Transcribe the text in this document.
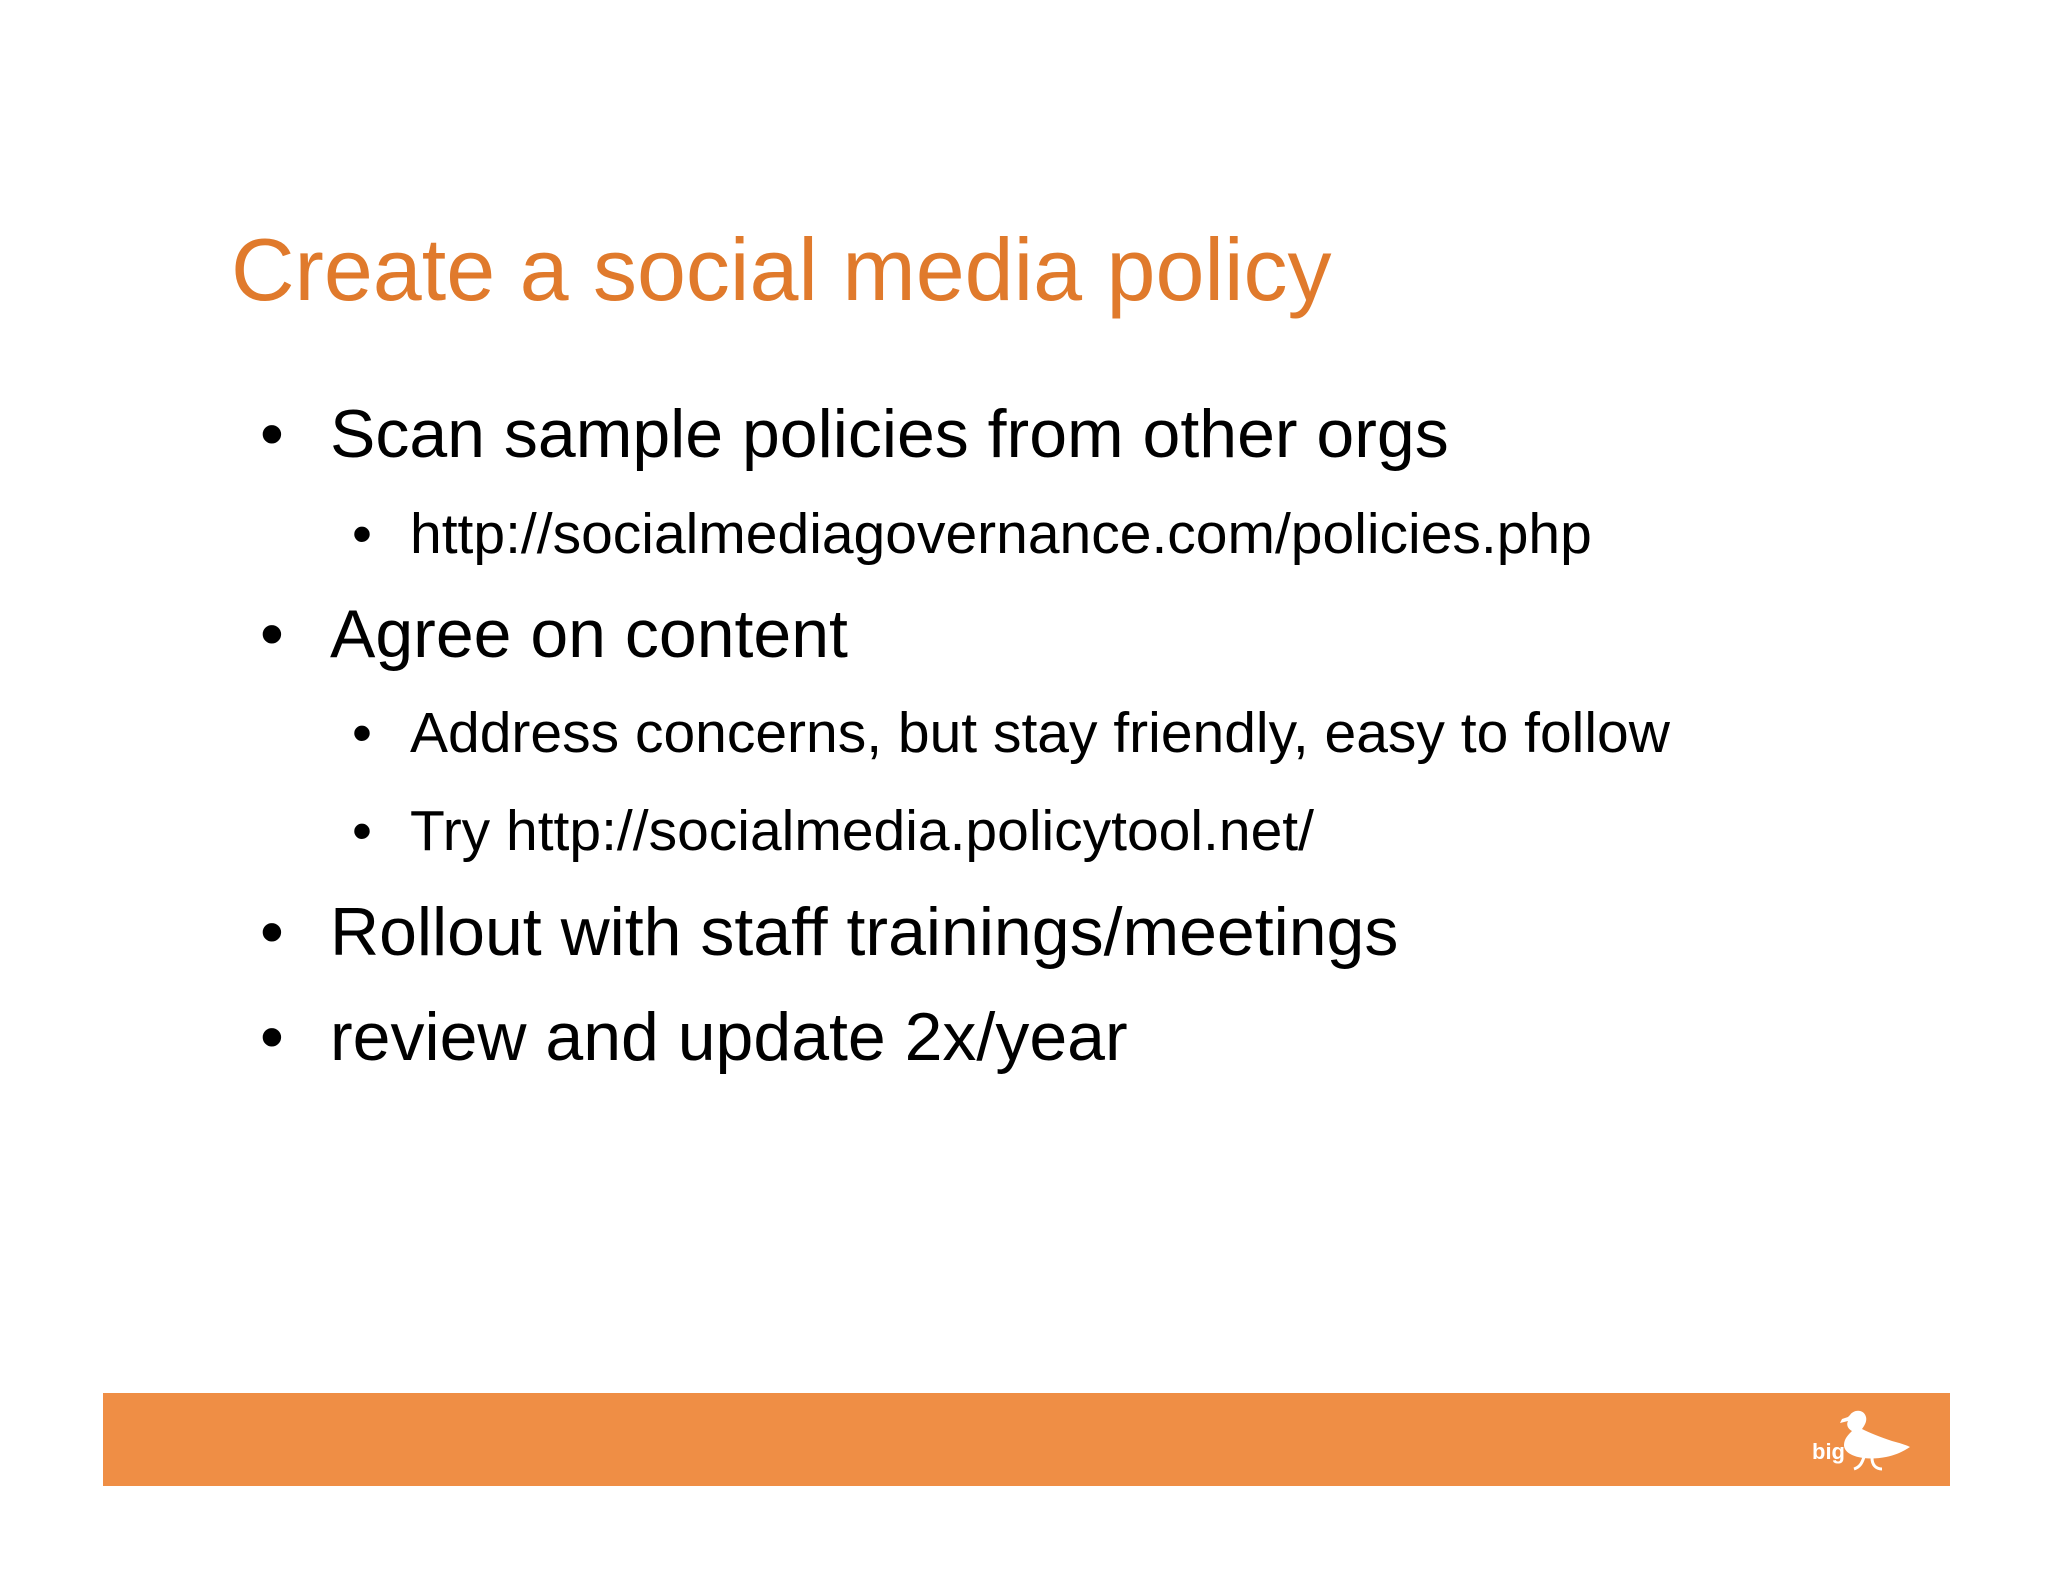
Create a social media policy
• Scan sample policies from other orgs
• http://socialmediagovernance.com/policies.php
• Agree on content
• Address concerns, but stay friendly, easy to follow
• Try http://socialmedia.policytool.net/
• Rollout with staff trainings/meetings
• review and update 2x/year
big
